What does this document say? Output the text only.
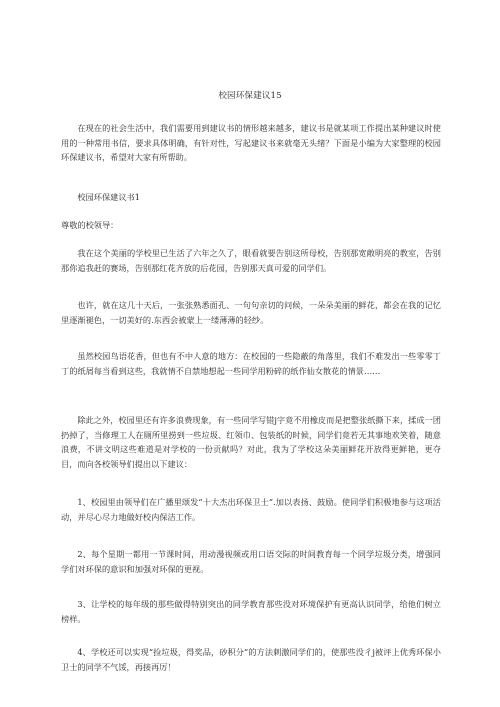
校园环保建议15

在现在的社会生活中，我们需要用到建议书的情形越来越多，建议书是就某项工作提出某种建议时使用的一种常用书信，要求具体明确，有针对性，写起建议书来就毫无头绪？下面是小编为大家整理的校园环保建议书，希望对大家有所帮助。

校园环保建议书1

尊敬的校领导：

我在这个美丽的学校里已生活了六年之久了，眼看就要告别这所母校，告别那宽敞明亮的教室，告别那你追我赶的赛场，告别那红花齐放的后花园，告别那天真可爱的同学们。

也许，就在这几十天后，一张张熟悉面孔、一句句亲切的问候，一朵朵美丽的鲜花，都会在我的记忆里逐渐褪色，一切美好的.东西会被蒙上一缕薄薄的轻纱。

虽然校园鸟语花香，但也有不中人意的地方：在校园的一些隐蔽的角落里，我们不难发出一些零零丁丁的纸屑每当看到这些，我就情不自禁地想起一些同学用粉碎的纸作仙女散花的情景……

除此之外，校园里还有许多浪费现象，有一些同学写错j字竟不用橡皮而是把整张纸撕下来，揉成一团扔掉了，当修理工人在厕所里捞到一些垃圾、红领巾、包装纸的时候，同学们竟若无其事地欢笑着，随意浪费，不讲文明这些难道是对学校的一份贡献吗？对此，我为了学校这朵美丽鲜花开放得更鲜艳，更夺目，而向各校领导们提出以下建议：

1、校园里由领导们在广播里颂发“十大杰出环保卫士”.加以表扬、鼓励。使同学们积极地参与这项活动，并尽心尽力地做好校内保洁工作。

2、每个星期一都用一节课时间，用动漫视频或用口语交际的时间教育每一个同学垃圾分类，增强同学们对环保的意识和加强对环保的更视。

3、让学校的每年级的那些做得特别突出的同学教育那些没对环境保护有更高认识同学，给他们树立榜样。

4、学校还可以实现“捡垃圾，得奖品，砂积分”的方法刺激同学们的，使那些没彳j被评上优秀环保小卫士的同学不气馁，再接再厉！
